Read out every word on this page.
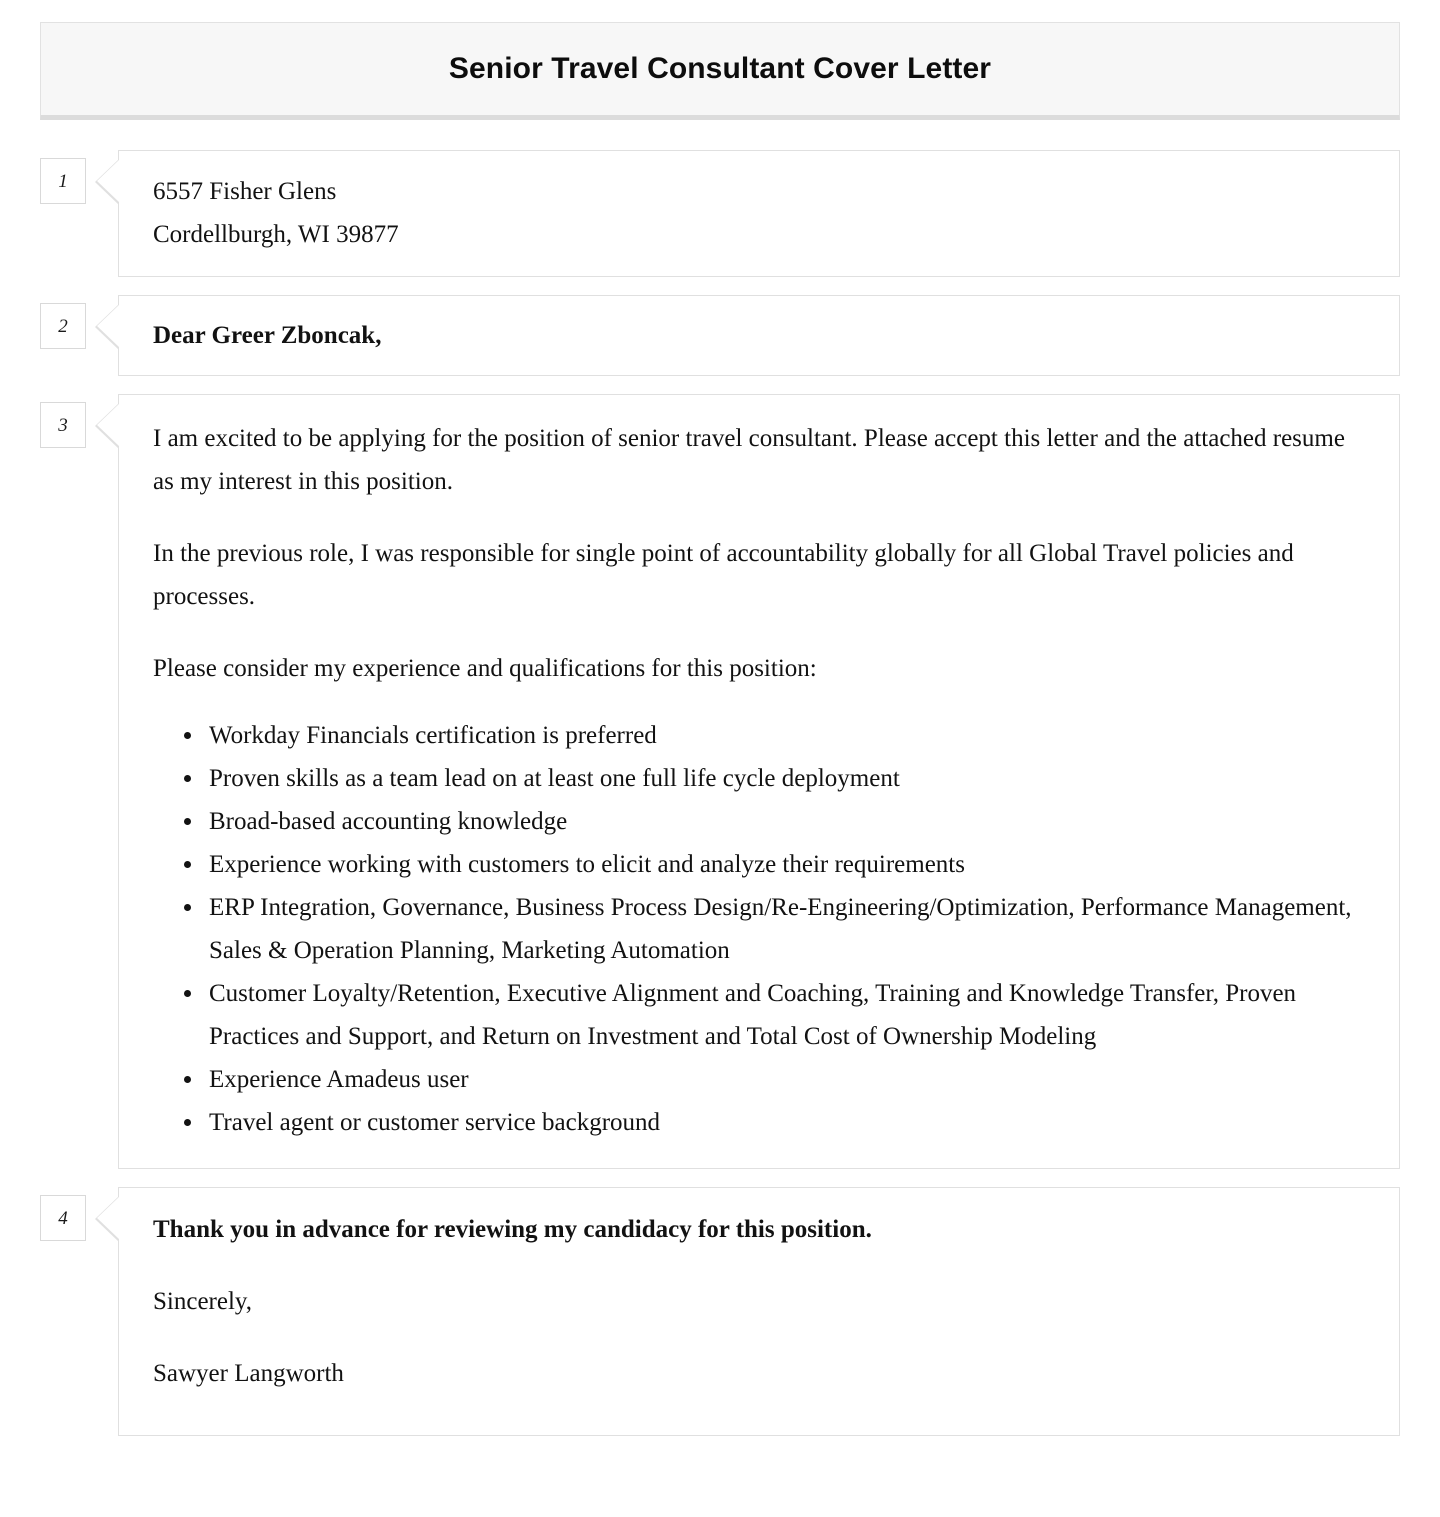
Senior Travel Consultant Cover Letter
1	6557 Fisher Glens
Cordellburgh, WI 39877
2	Dear Greer Zboncak,

3	I am excited to be applying for the position of senior travel consultant. Please accept this letter and the attached resume as my interest in this position.

In the previous role, I was responsible for single point of accountability globally for all Global Travel policies and processes.

Please consider my experience and qualifications for this position:

• Workday Financials certification is preferred
• Proven skills as a team lead on at least one full life cycle deployment
• Broad-based accounting knowledge
• Experience working with customers to elicit and analyze their requirements
• ERP Integration, Governance, Business Process Design/Re-Engineering/Optimization, Performance Management, Sales & Operation Planning, Marketing Automation
• Customer Loyalty/Retention, Executive Alignment and Coaching, Training and Knowledge Transfer, Proven Practices and Support, and Return on Investment and Total Cost of Ownership Modeling
• Experience Amadeus user
• Travel agent or customer service background
4	Thank you in advance for reviewing my candidacy for this position.

Sincerely,

Sawyer Langworth
